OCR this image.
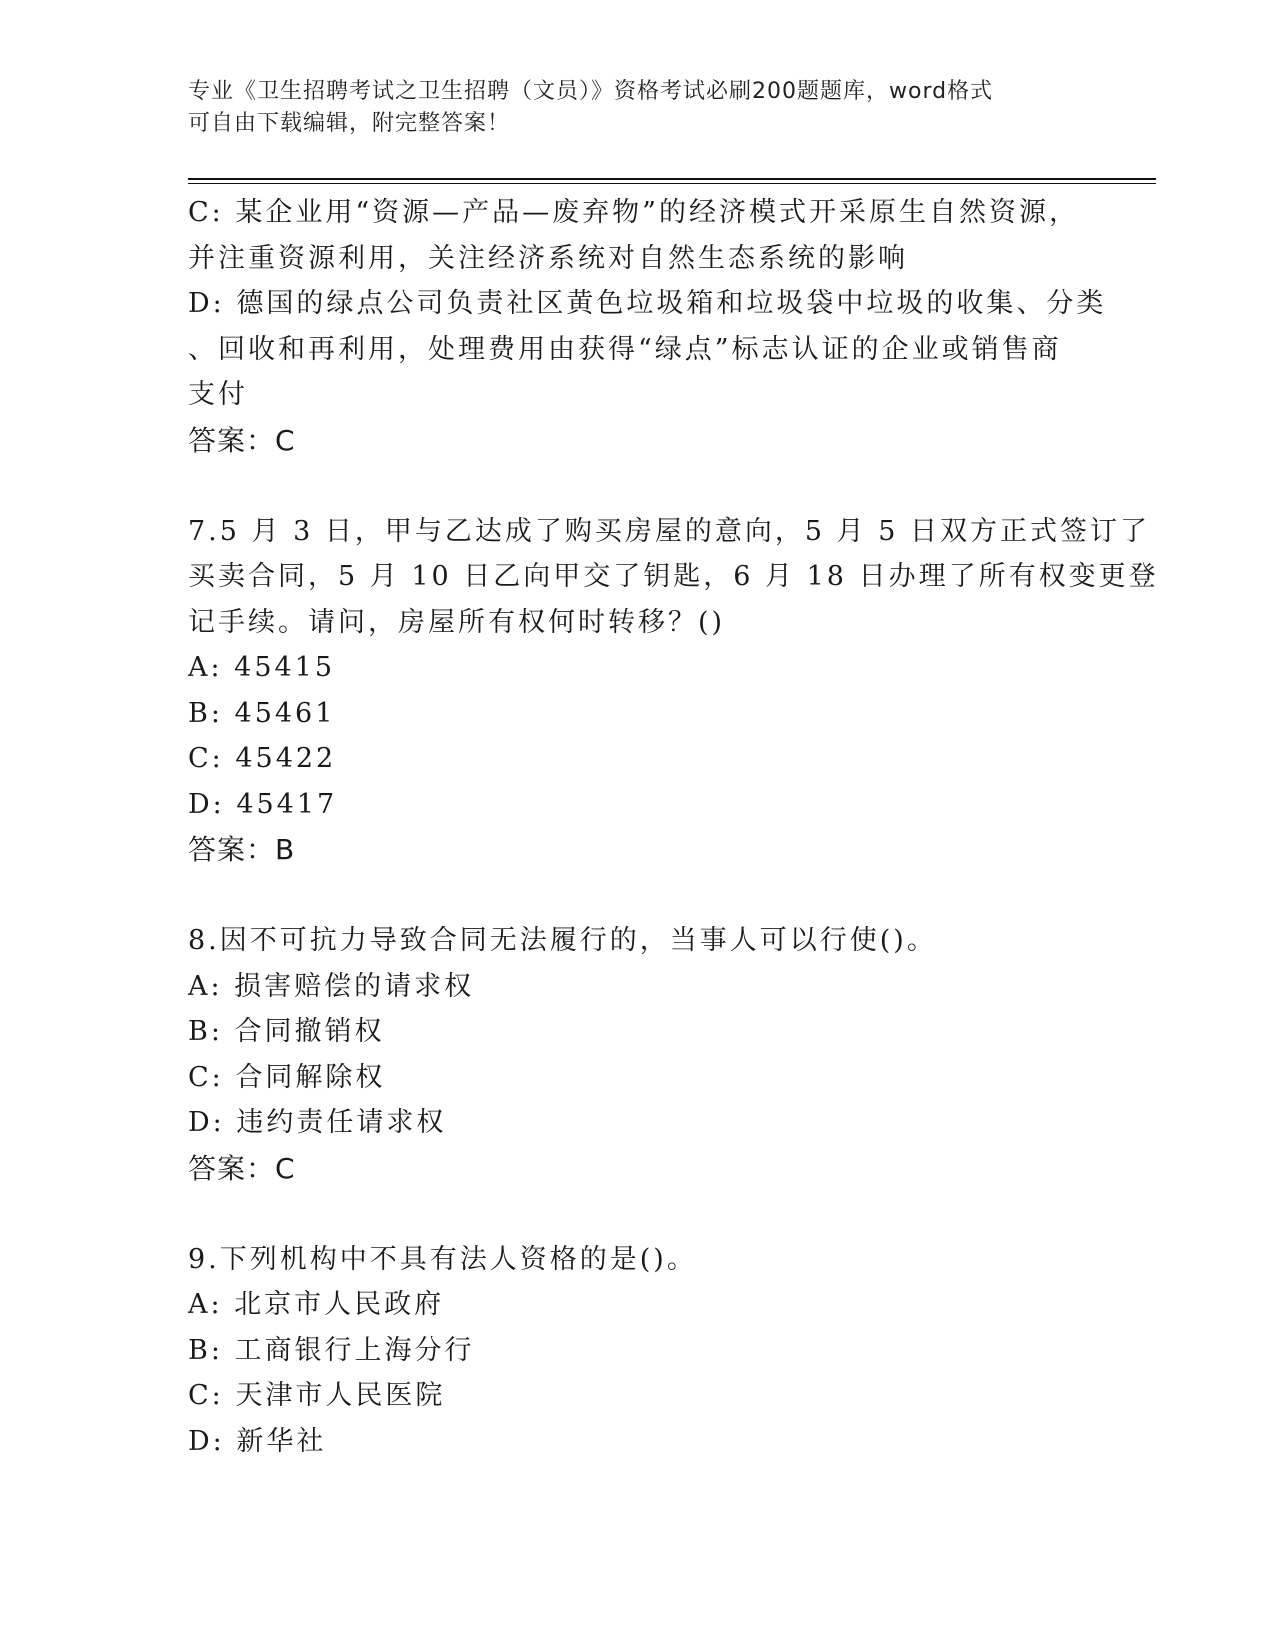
专业《卫生招聘考试之卫生招聘（文员）》资格考试必刷200题题库，word格式
可自由下载编辑，附完整答案！
C: 某企业用“资源—产品—废弃物”的经济模式开采原生自然资源，
并注重资源利用，关注经济系统对自然生态系统的影响
D: 德国的绿点公司负责社区黄色垃圾箱和垃圾袋中垃圾的收集、分类
、回收和再利用，处理费用由获得“绿点”标志认证的企业或销售商
支付
答案：C
7.5 月 3 日，甲与乙达成了购买房屋的意向，5 月 5 日双方正式签订了
买卖合同，5 月 10 日乙向甲交了钥匙，6 月 18 日办理了所有权变更登
记手续。请问，房屋所有权何时转移？()
A: 45415
B: 45461
C: 45422
D: 45417
答案：B
8.因不可抗力导致合同无法履行的，当事人可以行使()。
A: 损害赔偿的请求权
B: 合同撤销权
C: 合同解除权
D: 违约责任请求权
答案：C
9.下列机构中不具有法人资格的是()。
A: 北京市人民政府
B: 工商银行上海分行
C: 天津市人民医院
D: 新华社
